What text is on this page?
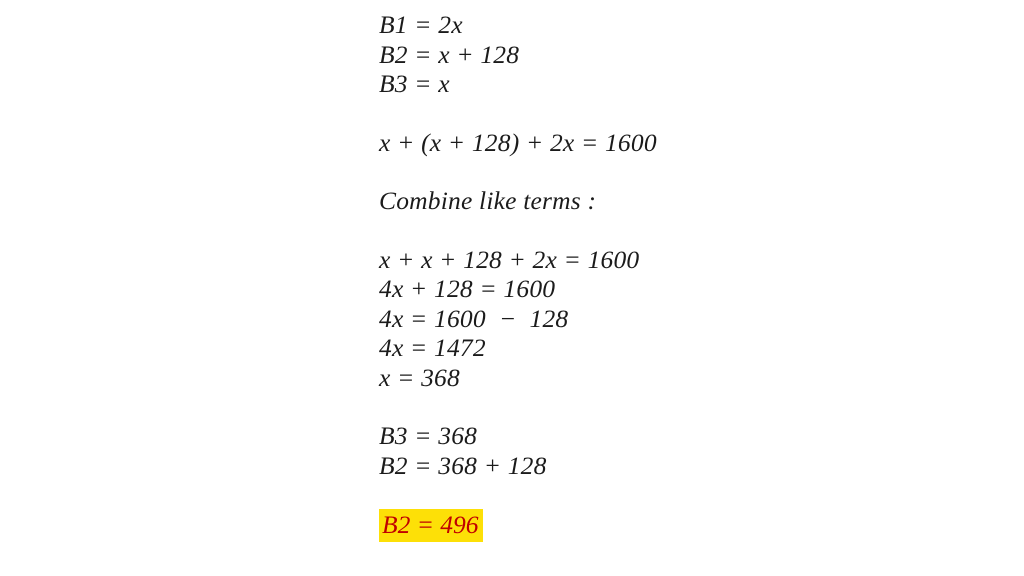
B1 = 2x
B2 = x + 128
B3 = x
x + (x + 128) + 2x = 1600
Combine like terms :
x + x + 128 + 2x = 1600
4x + 128 = 1600
4x = 1600  −  128
4x = 1472
x = 368
B3 = 368
B2 = 368 + 128
B2 = 496
